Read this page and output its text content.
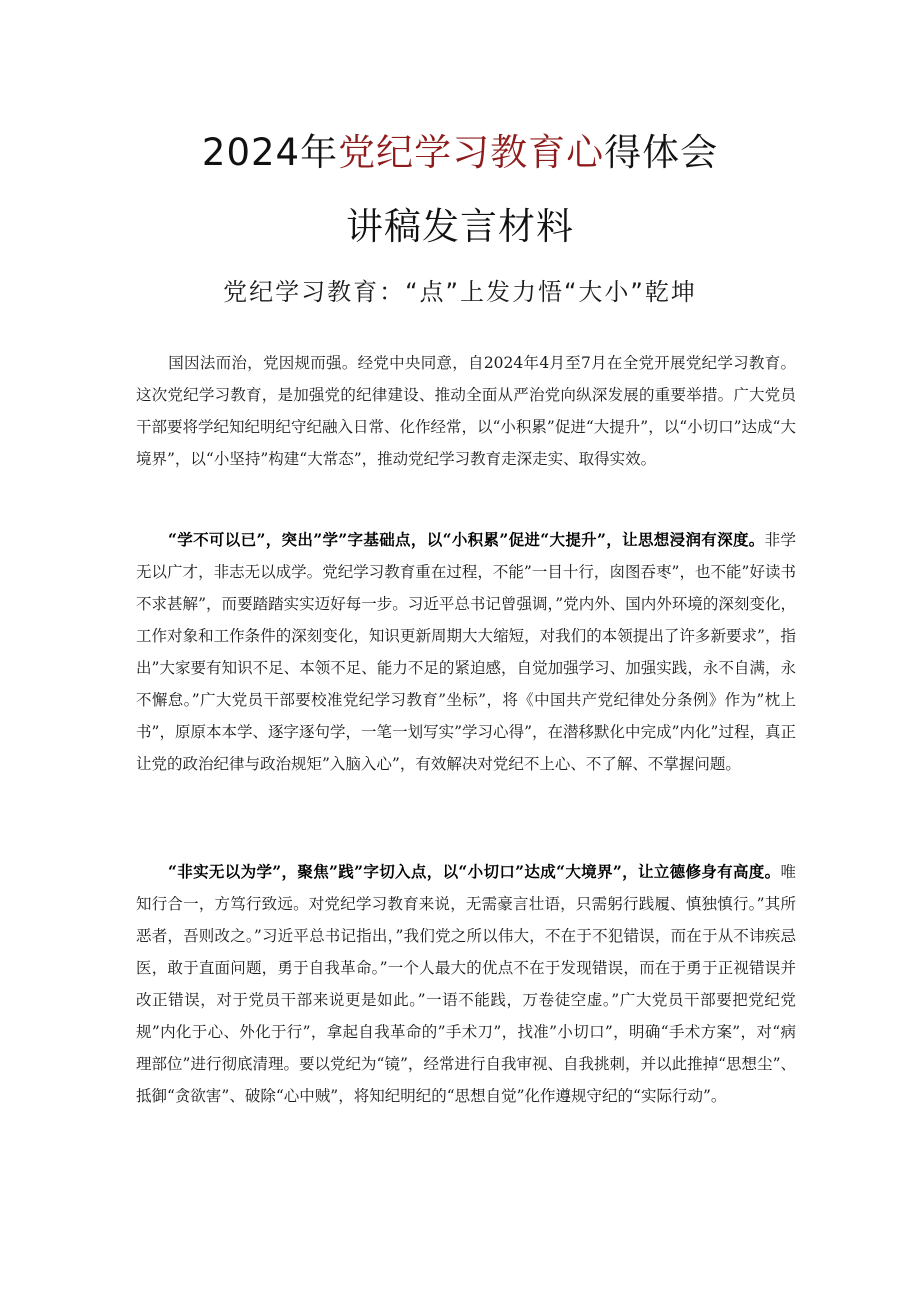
2024年党纪学习教育心得体会
讲稿发言材料
党纪学习教育：“点”上发力悟“大小”乾坤
国因法而治，党因规而强。经党中央同意，自2024年4月至7月在全党开展党纪学习教育。这次党纪学习教育，是加强党的纪律建设、推动全面从严治党向纵深发展的重要举措。广大党员干部要将学纪知纪明纪守纪融入日常、化作经常，以“小积累”促进“大提升”，以“小切口”达成“大境界”，以“小坚持”构建“大常态”，推动党纪学习教育走深走实、取得实效。
“学不可以已”，突出”学”字基础点，以“小积累”促进“大提升”，让思想浸润有深度。非学无以广才，非志无以成学。党纪学习教育重在过程，不能”一目十行，囱图吞枣”，也不能”好读书不求甚解”，而要踏踏实实迈好每一步。习近平总书记曾强调，”党内外、国内外环境的深刻变化，工作对象和工作条件的深刻变化，知识更新周期大大缩短，对我们的本领提出了许多新要求”，指出”大家要有知识不足、本领不足、能力不足的紧迫感，自觉加强学习、加强实践，永不自满，永不懈怠。”广大党员干部要校准党纪学习教育”坐标”，将《中国共产党纪律处分条例》作为”枕上书”，原原本本学、逐字逐句学，一笔一划写实”学习心得”，在潜移默化中完成”内化”过程，真正让党的政治纪律与政治规矩”入脑入心”，有效解决对党纪不上心、不了解、不掌握问题。
“非实无以为学”，聚焦”践”字切入点，以“小切口”达成“大境界”，让立德修身有高度。唯知行合一，方笃行致远。对党纪学习教育来说，无需豪言壮语，只需躬行践履、慎独慎行。”其所恶者，吾则改之。”习近平总书记指出，”我们党之所以伟大，不在于不犯错误，而在于从不讳疾忌医，敢于直面问题，勇于自我革命。”一个人最大的优点不在于发现错误，而在于勇于正视错误并改正错误，对于党员干部来说更是如此。”一语不能践，万卷徒空虚。”广大党员干部要把党纪党规”内化于心、外化于行”，拿起自我革命的”手术刀”，找准”小切口”，明确“手术方案”，对“病理部位”进行彻底清理。要以党纪为“镜”，经常进行自我审视、自我挑刺，并以此推掉“思想尘”、抵御“贪欲害”、破除“心中贼”，将知纪明纪的“思想自觉”化作遵规守纪的“实际行动”。
